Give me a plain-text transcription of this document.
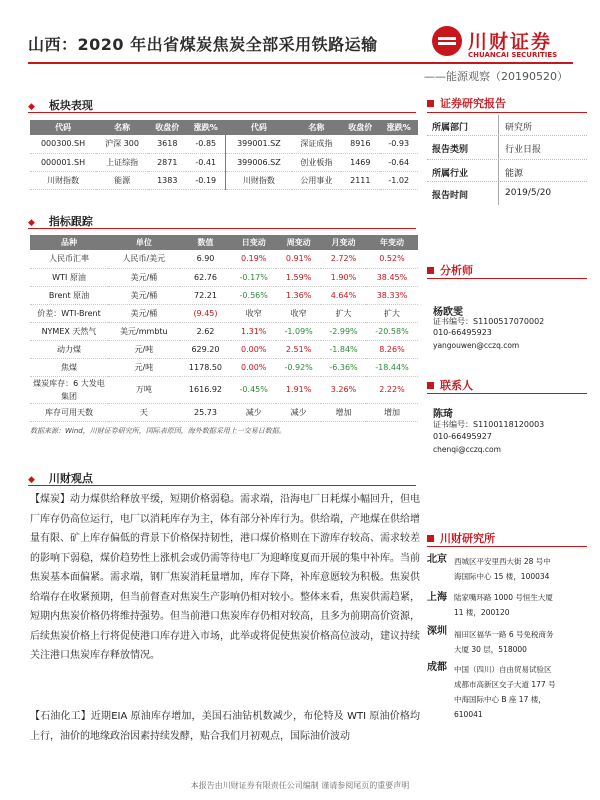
山西：2020 年出省煤炭焦炭全部采用铁路运输	川财证券
CHUANCAI SECURITIES
——能源观察（20190520）
◆ 板块表现
代码	名称	收盘价	涨跌%	代码	名称	收盘价	涨跌%
000300.SH	沪深 300	3618	-0.85	399001.SZ	深证成指	8916	-0.93
000001.SH	上证综指	2871	-0.41	399006.SZ	创业板指	1469	-0.64
川财指数	能源	1383	-0.19	川财指数	公用事业	2111	-1.02
◆ 指标跟踪
品种	单位	数值	日变动	周变动	月变动	年变动
人民币汇率	人民币/美元	6.90	0.19%	0.91%	2.72%	0.52%
WTI 原油	美元/桶	62.76	-0.17%	1.59%	1.90%	38.45%
Brent 原油	美元/桶	72.21	-0.56%	1.36%	4.64%	38.33%
价差：WTI-Brent	美元/桶	(9.45)	收窄	收窄	扩大	扩大
NYMEX 天然气	美元/mmbtu	2.62	1.31%	-1.09%	-2.99%	-20.58%
动力煤	元/吨	629.20	0.00%	2.51%	-1.84%	8.26%
焦煤	元/吨	1178.50	0.00%	-0.92%	-6.36%	-18.44%
煤炭库存：6 大发电集团	万吨	1616.92	-0.45%	1.91%	3.26%	2.22%
库存可用天数	天	25.73	减少	减少	增加	增加
数据来源：Wind，川财证券研究所，国际表原因，海外数据采用上一交易日数据。
◆ 川财观点
【煤炭】动力煤供给释放平缓，短期价格弱稳。需求端，沿海电厂日耗煤小幅回升，但电厂库存仍高位运行，电厂以消耗库存为主，体有部分补库行为。供给端，产地煤在供给增量有限、矿上库存偏低的背景下价格保持韧性，港口煤价格则在下游库存较高、需求较差的影响下弱稳，煤价趋势性上涨机会或仍需等待电厂为迎峰度夏而开展的集中补库。当前焦炭基本面偏紧。需求端，钢厂焦炭消耗量增加，库存下降，补库意愿较为积极。焦炭供给端存在收紧预期，但当前督查对焦炭生产影响仍相对较小。整体来看，焦炭供需趋紧，短期内焦炭价格仍将维持强势。但当前港口焦炭库存仍相对较高，且多为前期高价资源，后续焦炭价格上行将促使港口库存进入市场，此举或将促使焦炭价格高位波动，建议持续关注港口焦炭库存释放情况。
【石油化工】近期EIA 原油库存增加，美国石油钻机数减少，布伦特及 WTI 原油价格均上行，油价的地缘政治因素持续发酵，贴合我们月初观点，国际油价波动
证券研究报告
所属部门	研究所
报告类别	行业日报
所属行业	能源
报告时间	2019/5/20
分析师
杨欧雯
证书编号：S1100517070002
010-66495923
yangouwen@cczq.com
联系人
陈琦
证书编号：S1100118120003
010-66495927
chenqi@cczq.com
川财研究所
北京 西城区平安里西大街 28 号中
海国际中心 15 楼，100034
上海 陆家嘴环路 1000 号恒生大厦
11 楼，200120
深圳 福田区福华一路 6 号免税商务
大厦 30 层，518000
成都 中国（四川）自由贸易试验区
成都市高新区交子大道 177 号
中海国际中心 B 座 17 楼，
610041
本报告由川财证券有限责任公司编制 谨请参阅尾页的重要声明
